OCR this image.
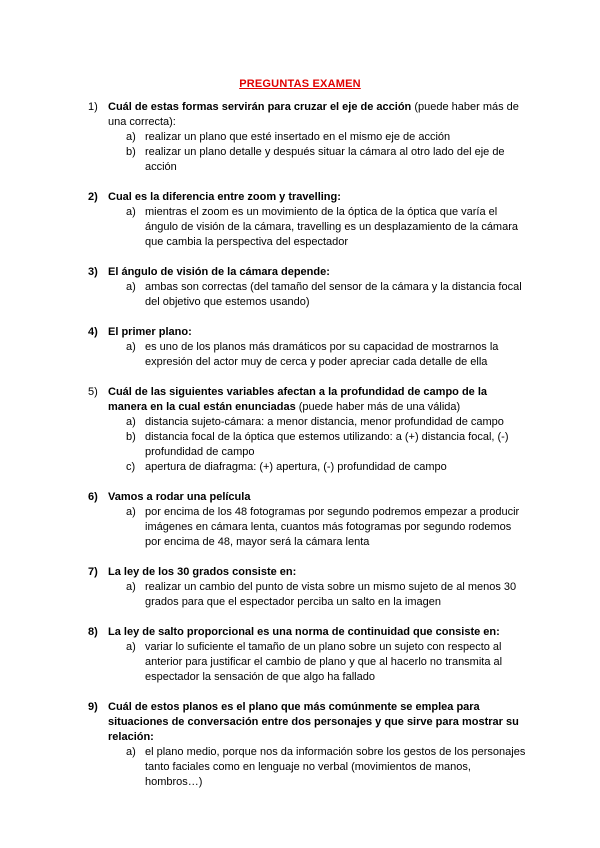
PREGUNTAS EXAMEN
1) Cuál de estas formas servirán para cruzar el eje de acción (puede haber más de una correcta):
a) realizar un plano que esté insertado en el mismo eje de acción
b) realizar un plano detalle y después situar la cámara al otro lado del eje de acción
2) Cual es la diferencia entre zoom y travelling:
a) mientras el zoom es un movimiento de la óptica de la óptica que varía el ángulo de visión de la cámara, travelling es un desplazamiento de la cámara que cambia la perspectiva del espectador
3) El ángulo de visión de la cámara depende:
a) ambas son correctas (del tamaño del sensor de la cámara y la distancia focal del objetivo que estemos usando)
4) El primer plano:
a) es uno de los planos más dramáticos por su capacidad de mostrarnos la expresión del actor muy de cerca y poder apreciar cada detalle de ella
5) Cuál de las siguientes variables afectan a la profundidad de campo de la manera en la cual están enunciadas (puede haber más de una válida)
a) distancia sujeto-cámara: a menor distancia, menor profundidad de campo
b) distancia focal de la óptica que estemos utilizando: a (+) distancia focal, (-) profundidad de campo
c) apertura de diafragma: (+) apertura, (-) profundidad de campo
6) Vamos a rodar una película
a) por encima de los 48 fotogramas por segundo podremos empezar a producir imágenes en cámara lenta, cuantos más fotogramas por segundo rodemos por encima de 48, mayor será la cámara lenta
7) La ley de los 30 grados consiste en:
a) realizar un cambio del punto de vista sobre un mismo sujeto de al menos 30 grados para que el espectador perciba un salto en la imagen
8) La ley de salto proporcional es una norma de continuidad que consiste en:
a) variar lo suficiente el tamaño de un plano sobre un sujeto con respecto al anterior para justificar el cambio de plano y que al hacerlo no transmita al espectador la sensación de que algo ha fallado
9) Cuál de estos planos es el plano que más comúnmente se emplea para situaciones de conversación entre dos personajes y que sirve para mostrar su relación:
a) el plano medio, porque nos da información sobre los gestos de los personajes tanto faciales como en lenguaje no verbal (movimientos de manos, hombros…)
